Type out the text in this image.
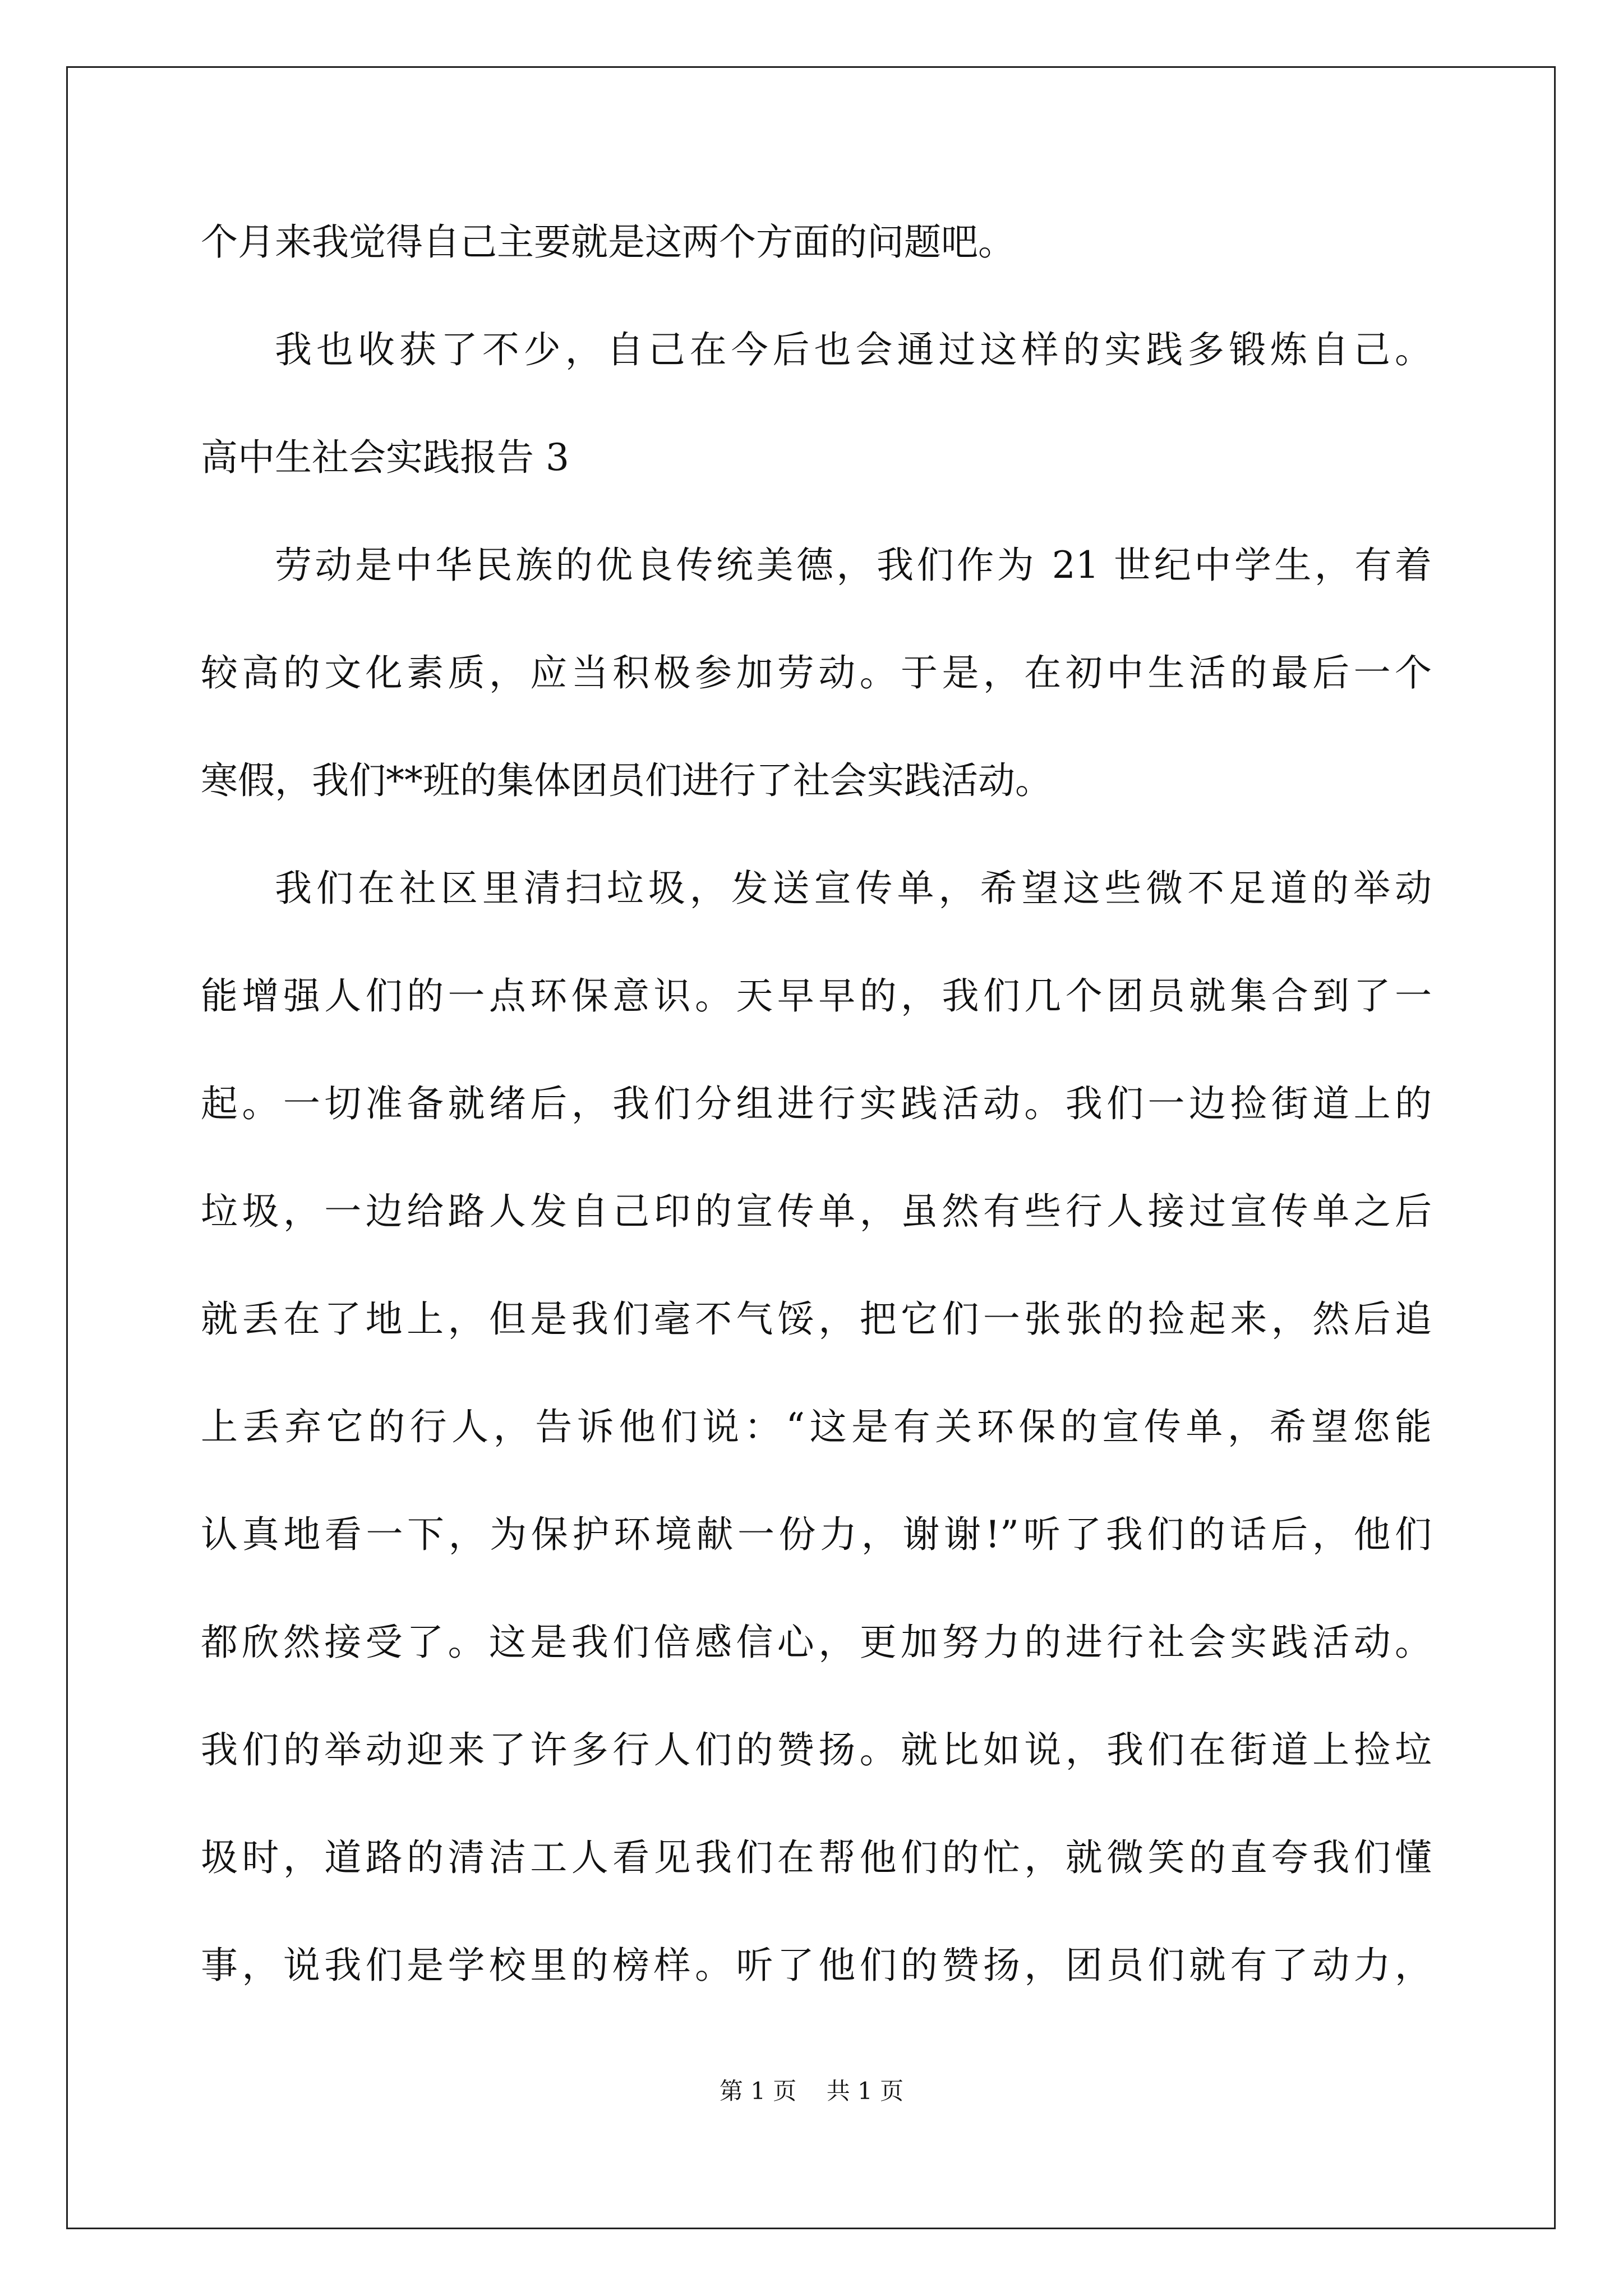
个月来我觉得自己主要就是这两个方面的问题吧。
我也收获了不少，自己在今后也会通过这样的实践多锻炼自己。
高中生社会实践报告 3
劳动是中华民族的优良传统美德，我们作为 21 世纪中学生，有着
较高的文化素质，应当积极参加劳动。于是，在初中生活的最后一个
寒假，我们**班的集体团员们进行了社会实践活动。
我们在社区里清扫垃圾，发送宣传单，希望这些微不足道的举动
能增强人们的一点环保意识。天早早的，我们几个团员就集合到了一
起。一切准备就绪后，我们分组进行实践活动。我们一边捡街道上的
垃圾，一边给路人发自己印的宣传单，虽然有些行人接过宣传单之后
就丢在了地上，但是我们毫不气馁，把它们一张张的捡起来，然后追
上丢弃它的行人，告诉他们说：“这是有关环保的宣传单，希望您能
认真地看一下，为保护环境献一份力，谢谢!”听了我们的话后，他们
都欣然接受了。这是我们倍感信心，更加努力的进行社会实践活动。
我们的举动迎来了许多行人们的赞扬。就比如说，我们在街道上捡垃
圾时，道路的清洁工人看见我们在帮他们的忙，就微笑的直夸我们懂
事，说我们是学校里的榜样。听了他们的赞扬，团员们就有了动力，
第 1 页    共 1 页
